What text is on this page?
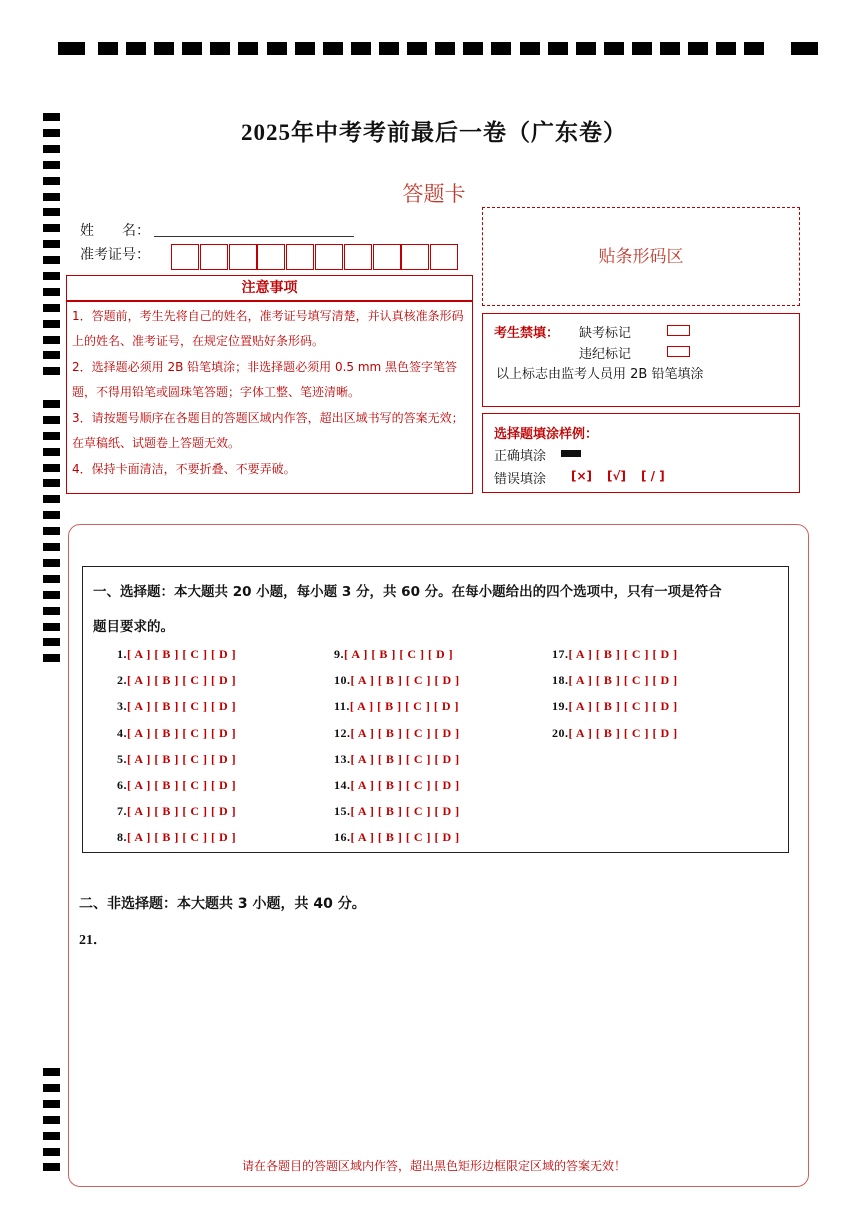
2025年中考考前最后一卷（广东卷）
答题卡
姓　　名：
准考证号：	贴条形码区
注意事项
1．答题前，考生先将自己的姓名，准考证号填写清楚，并认真核准条形码上的姓名、准考证号，在规定位置贴好条形码。
2．选择题必须用 2B 铅笔填涂；非选择题必须用 0.5 mm 黑色签字笔答题，不得用铅笔或圆珠笔答题；字体工整、笔迹清晰。
3．请按题号顺序在各题目的答题区域内作答，超出区域书写的答案无效；在草稿纸、试题卷上答题无效。
4．保持卡面清洁，不要折叠、不要弄破。
考生禁填： 缺考标记
违纪标记
以上标志由监考人员用 2B 铅笔填涂
选择题填涂样例：
正确填涂
错误填涂 [×] [√] [ / ]
一、选择题：本大题共 20 小题，每小题 3 分，共 60 分。在每小题给出的四个选项中，只有一项是符合
题目要求的。
1.[ A ] [ B ] [ C ] [ D ]
2.[ A ] [ B ] [ C ] [ D ]
3.[ A ] [ B ] [ C ] [ D ]
4.[ A ] [ B ] [ C ] [ D ]
5.[ A ] [ B ] [ C ] [ D ]
6.[ A ] [ B ] [ C ] [ D ]
7.[ A ] [ B ] [ C ] [ D ]
8.[ A ] [ B ] [ C ] [ D ]
9.[ A ] [ B ] [ C ] [ D ]
10.[ A ] [ B ] [ C ] [ D ]
11.[ A ] [ B ] [ C ] [ D ]
12.[ A ] [ B ] [ C ] [ D ]
13.[ A ] [ B ] [ C ] [ D ]
14.[ A ] [ B ] [ C ] [ D ]
15.[ A ] [ B ] [ C ] [ D ]
16.[ A ] [ B ] [ C ] [ D ]
17.[ A ] [ B ] [ C ] [ D ]
18.[ A ] [ B ] [ C ] [ D ]
19.[ A ] [ B ] [ C ] [ D ]
20.[ A ] [ B ] [ C ] [ D ]
二、非选择题：本大题共 3 小题，共 40 分。
21．
请在各题目的答题区域内作答，超出黑色矩形边框限定区域的答案无效！
